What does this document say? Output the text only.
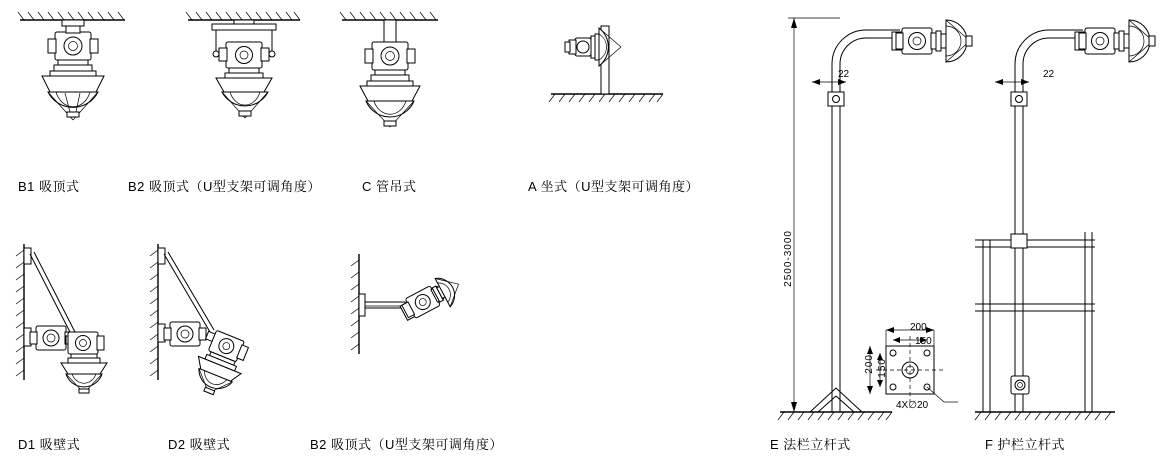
B1 吸顶式	B2 吸顶式（U型支架可调角度）	C 管吊式	A 坐式（U型支架可调角度）
D1 吸壁式	D2 吸壁式	B2 吸顶式（U型支架可调角度）
2500-3000
22
E 法栏立杆式
200
150
200 150
4X∅20
22
F 护栏立杆式
